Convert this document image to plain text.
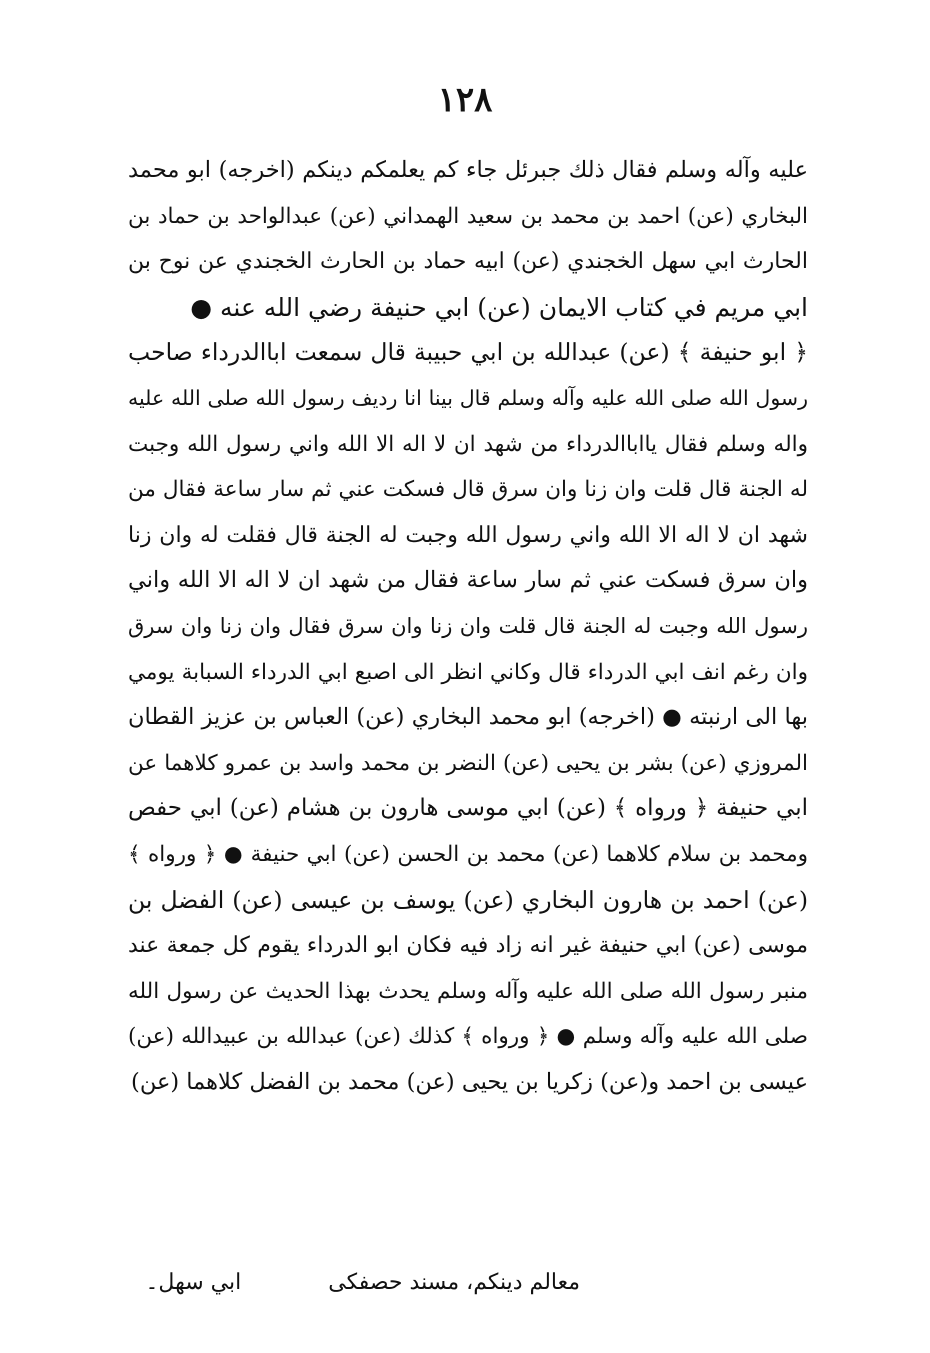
١٢٨
عليه وآله وسلم فقال ذلك جبرئل جاء كم يعلمكم دينكم (اخرجه) ابو محمد
البخاري (عن) احمد بن محمد بن سعيد الهمداني (عن) عبدالواحد بن حماد بن
الحارث ابي سهل الخجندي (عن) ابيه حماد بن الحارث الخجندي عن نوح بن
ابي مريم في كتاب الايمان (عن) ابي حنيفة رضي الله عنه ●
﴿ ابو حنيفة ﴾ (عن) عبدالله بن ابي حبيبة قال سمعت اباالدرداء صاحب
رسول الله صلى الله عليه وآله وسلم قال بينا انا رديف رسول الله صلى الله عليه
واله وسلم فقال يااباالدرداء من شهد ان لا اله الا الله واني رسول الله وجبت
له الجنة قال قلت وان زنا وان سرق قال فسكت عني ثم سار ساعة فقال من
شهد ان لا اله الا الله واني رسول الله وجبت له الجنة قال فقلت له وان زنا
وان سرق فسكت عني ثم سار ساعة فقال من شهد ان لا اله الا الله واني
رسول الله وجبت له الجنة قال قلت وان زنا وان سرق فقال وان زنا وان سرق
وان رغم انف ابي الدرداء قال وكاني انظر الى اصبع ابي الدرداء السبابة يومي
بها الى ارنبته ● (اخرجه) ابو محمد البخاري (عن) العباس بن عزيز القطان
المروزي (عن) بشر بن يحيى (عن) النضر بن محمد واسد بن عمرو كلاهما عن
ابي حنيفة ﴿ ورواه ﴾ (عن) ابي موسى هارون بن هشام (عن) ابي حفص
ومحمد بن سلام كلاهما (عن) محمد بن الحسن (عن) ابي حنيفة ● ﴿ ورواه ﴾
(عن) احمد بن هارون البخاري (عن) يوسف بن عيسى (عن) الفضل بن
موسى (عن) ابي حنيفة غير انه زاد فيه فكان ابو الدرداء يقوم كل جمعة عند
منبر رسول الله صلى الله عليه وآله وسلم يحدث بهذا الحديث عن رسول الله
صلى الله عليه وآله وسلم ● ﴿ ورواه ﴾ كذلك (عن) عبدالله بن عبيدالله (عن)
عيسى بن احمد و(عن) زكريا بن يحيى (عن) محمد بن الفضل كلاهما (عن)
معالم دينكم، مسند حصفكى ابي سهل۔
